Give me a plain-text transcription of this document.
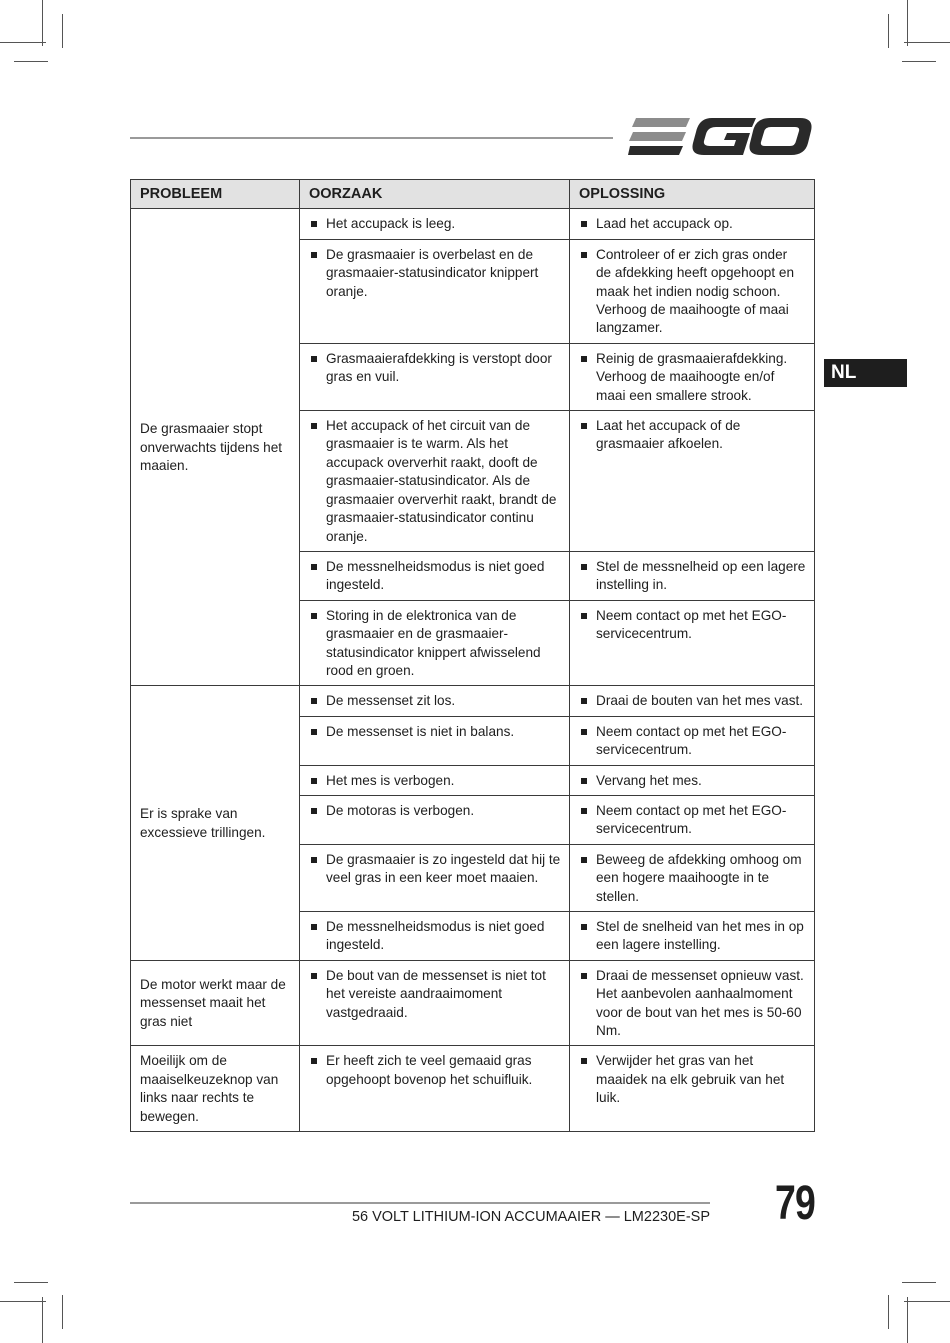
NL
PROBLEEM	OORZAAK	OPLOSSING
De grasmaaier stopt onverwachts tijdens het maaien.	Het accupack is leeg.	Laad het accupack op.

	De grasmaaier is overbelast en de grasmaaier-statusindicator knippert oranje.	Controleer of er zich gras onder de afdekking heeft opgehoopt en maak het indien nodig schoon. Verhoog de maaihoogte of maai langzamer.

	Grasmaaierafdekking is verstopt door gras en vuil.	Reinig de grasmaaierafdekking. Verhoog de maaihoogte en/of maai een smallere strook.

	Het accupack of het circuit van de grasmaaier is te warm. Als het accupack oververhit raakt, dooft de grasmaaier-statusindicator. Als de grasmaaier oververhit raakt, brandt de grasmaaier-statusindicator continu oranje.	Laat het accupack of de grasmaaier afkoelen.

	De messnelheidsmodus is niet goed ingesteld.	Stel de messnelheid op een lagere instelling in.

	Storing in de elektronica van de grasmaaier en de grasmaaier-statusindicator knippert afwisselend rood en groen.	Neem contact op met het EGO-servicecentrum.

Er is sprake van excessieve trillingen.	De messenset zit los.	Draai de bouten van het mes vast.

	De messenset is niet in balans.	Neem contact op met het EGO-servicecentrum.

	Het mes is verbogen.	Vervang het mes.

	De motoras is verbogen.	Neem contact op met het EGO-servicecentrum.

	De grasmaaier is zo ingesteld dat hij te veel gras in een keer moet maaien.	Beweeg de afdekking omhoog om een hogere maaihoogte in te stellen.

	De messnelheidsmodus is niet goed ingesteld.	Stel de snelheid van het mes in op een lagere instelling.

De motor werkt maar de messenset maait het gras niet	De bout van de messenset is niet tot het vereiste aandraaimoment vastgedraaid.	Draai de messenset opnieuw vast. Het aanbevolen aanhaalmoment voor de bout van het mes is 50-60 Nm.

Moeilijk om de maaiselkeuzeknop van links naar rechts te bewegen.	Er heeft zich te veel gemaaid gras opgehoopt bovenop het schuifluik.	Verwijder het gras van het maaidek na elk gebruik van het luik.
56 VOLT LITHIUM-ION ACCUMAAIER — LM2230E-SP 79
